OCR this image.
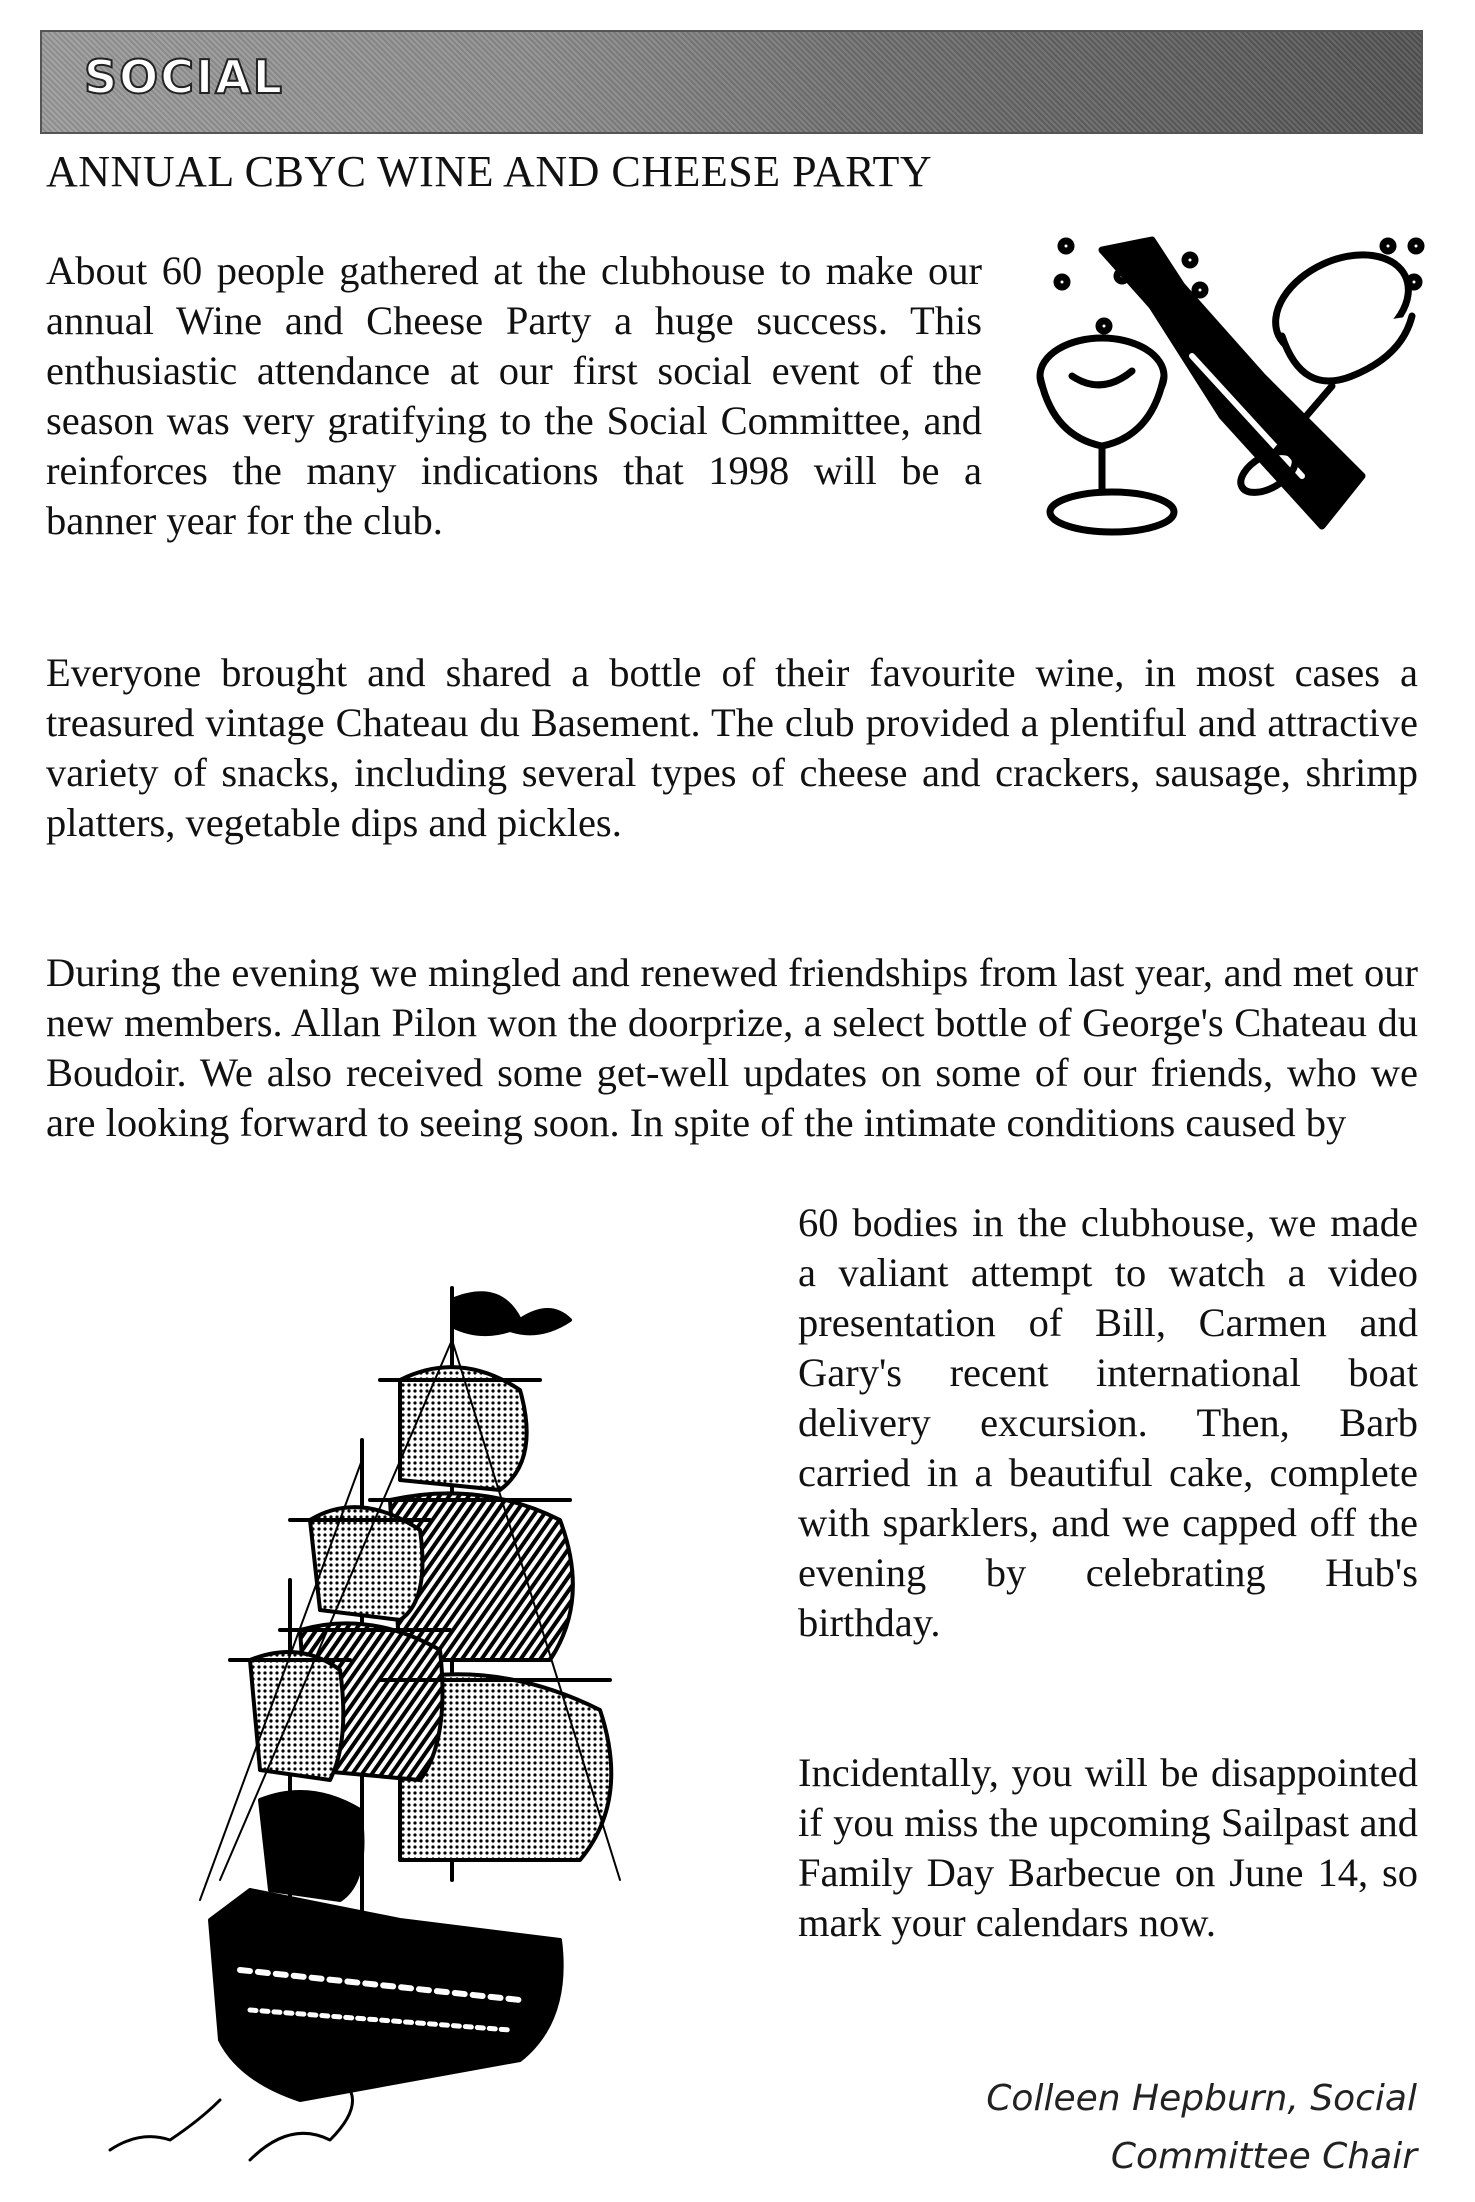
SOCIAL
ANNUAL CBYC WINE AND CHEESE PARTY

About 60 people gathered at the clubhouse to make our annual Wine and Cheese Party a huge success. This enthusiastic attendance at our first social event of the season was very gratifying to the Social Committee, and reinforces the many indications that 1998 will be a banner year for the club.

Everyone brought and shared a bottle of their favourite wine, in most cases a treasured vintage Chateau du Basement. The club provided a plentiful and attractive variety of snacks, including several types of cheese and crackers, sausage, shrimp platters, vegetable dips and pickles.

During the evening we mingled and renewed friendships from last year, and met our new members. Allan Pilon won the doorprize, a select bottle of George's Chateau du Boudoir. We also received some get-well updates on some of our friends, who we are looking forward to seeing soon. In spite of the intimate conditions caused by

60 bodies in the clubhouse, we made a valiant attempt to watch a video presentation of Bill, Carmen and Gary's recent international boat delivery excursion. Then, Barb carried in a beautiful cake, complete with sparklers, and we capped off the evening by celebrating Hub's birthday.

Incidentally, you will be disappointed if you miss the upcoming Sailpast and Family Day Barbecue on June 14, so mark your calendars now.

Colleen Hepburn, Social
Committee Chair
